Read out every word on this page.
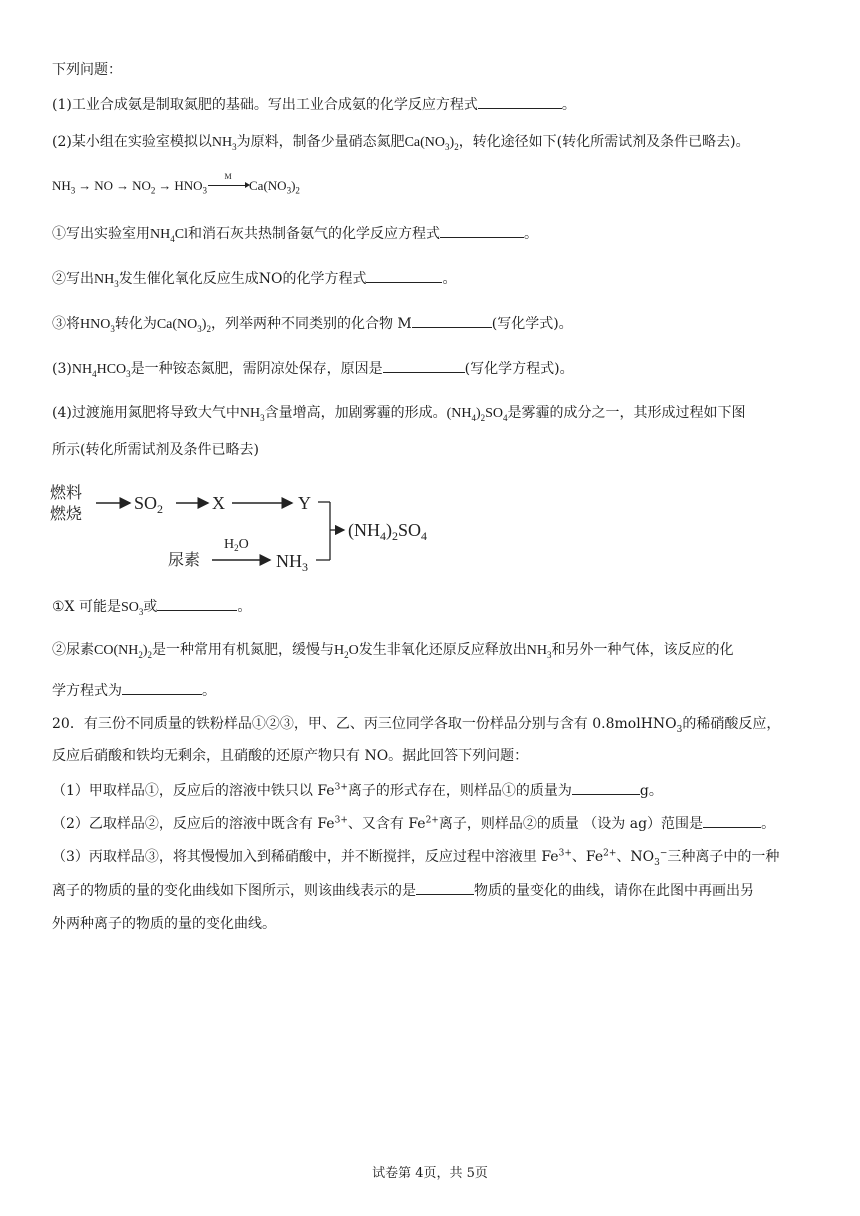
下列问题：
(1)工业合成氨是制取氮肥的基础。写出工业合成氨的化学反应方程式	。
(2)某小组在实验室模拟以$NH_3$为原料，制备少量硝态氮肥$Ca(NO_3)_2$，转化途径如下(转化所需试剂及条件已略去)。
$NH_3$ → NO → $NO_2 \to HNO_3$
M
$Ca(NO_3)_2$
①写出实验室用$NH_4Cl$和消石灰共热制备氨气的化学反应方程式	。
②写出$NH_3$发生催化氧化反应生成NO的化学方程式	。
③将$HNO_3$转化为$Ca(NO_3)_2$，列举两种不同类别的化合物 M	(写化学式)。
$(3)NH_4HCO_3$是一种铵态氮肥，需阴凉处保存，原因是	(写化学方程式)。
(4)过渡施用氮肥将导致大气中$NH_3$含量增高，加剧雾霾的形成。$(NH_4)_2SO_4$是雾霾的成分之一，其形成过程如下图
所示(转化所需试剂及条件已略去)
燃料
燃烧
$SO_2$	X	Y
$(NH_4)_2SO_4$
尿素
$H_2O$
$NH_3$
①X 可能是$SO_3$或	。
②尿素$CO(NH_2)_2$是一种常用有机氮肥，缓慢与$H_2O$发生非氧化还原反应释放出$NH_3$和另外一种气体，该反应的化
学方程式为	。
20．有三份不同质量的铁粉样品①②③，甲、乙、丙三位同学各取一份样品分别与含有 0.8molHNO$_3$的稀硝酸反应，
反应后硝酸和铁均无剩余，且硝酸的还原产物只有 NO。据此回答下列问题：
（1）甲取样品①，反应后的溶液中铁只以 $Fe^{3+}$离子的形式存在，则样品①的质量为	g。
（2）乙取样品②，反应后的溶液中既含有 $Fe^{3+}$、又含有 $Fe^{2+}$离子，则样品②的质量 （设为 ag）范围是	。
（3）丙取样品③，将其慢慢加入到稀硝酸中，并不断搅拌，反应过程中溶液里 $Fe^{3+}$、$Fe^{2+}$、$NO_3^-$三种离子中的一种
离子的物质的量的变化曲线如下图所示，则该曲线表示的是	物质的量变化的曲线，请你在此图中再画出另
外两种离子的物质的量的变化曲线。
试卷第 4页，共 5页
